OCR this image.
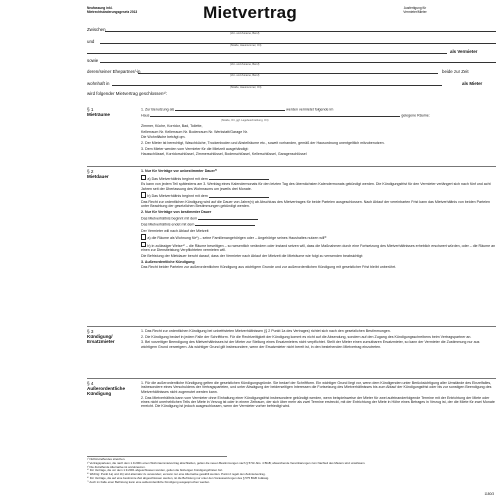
Neufassung inkl. Mietrechtsänderungsgesetz 2013	Mietvertrag	Ausfertigung für Vermieter/Mieter
Zwischen
(Vor- und Zuname, Beruf)
und
(Straße, Hausnummer, Ort)
als Vermieter
sowie
(Vor- und Zuname, Beruf)
deren/seiner Ehepartner/-in	beide zur Zeit
(Vor- und Zuname, Beruf)
wohnhaft in	als Mieter
(Straße, Hausnummer, Ort)
wird folgender Mietvertrag geschlossen¹⁾:
§ 1
Mieträume

1. Zur Benutzung als	werden vermietet folgende im

Haus	gelegene Räume:

(Straße, Ort, ggf. Lagebeschreibung, Ort)

Zimmer, Küche, Korridor, Bad, Toilette,

Kellerraum Nr. Kellerraum Nr. Bodenraum Nr. Werkstatt/Garage Nr.

Die Wohnfläche beträgt qm.

2. Der Mieter ist berechtigt, Waschküche, Trockenboden und Abstellräume etc., soweit vorhanden, gemäß der Hausordnung unentgeltlich mitzubenutzen.

3. Dem Mieter werden vom Vermieter für die Mietzeit ausgehändigt:

Hausschlüssel, Korridorschlüssel, Zimmerschlüssel, Bodenschlüssel, Kellerschlüssel, Garagenschlüssel

§ 2
Mietdauer

1. Nur für Verträge vor unbestimmter Dauer²⁾

a) Das Mietverhältnis beginnt mit dem

Es kann von jedem Teil spätestens am 3. Werktag eines Kalendermonats für den letzten Tag des übernächsten Kalendermonats gekündigt werden. Die Kündigungsfrist für den Vermieter verlängert sich nach fünf und acht Jahren seit der Überlassung des Wohnraums um jeweils drei Monate.

b) Das Mietverhältnis beginnt mit dem

Das Recht zur ordentlichen Kündigung wird auf die Dauer von Jahre(n) ab Abschluss des Mietvertrages für beide Parteien ausgeschlossen. Nach Ablauf der vereinbarten Frist kann das Mietverhältnis von beiden Parteien unter Beachtung der gesetzlichen Bestimmungen gekündigt werden.

2. Nur für Verträge von bestimmter Dauer

Das Mietverhältnis beginnt mit dem

Das Mietverhältnis endet mit dem

Der Vermieter will nach Ablauf der Mietzeit

a) die Räume als Wohnung für*) – seine Familienangehörigen oder – Angehörige seines Haushaltes nutzen will³⁾

b) in zulässiger Weise⁴⁾ – die Räume beseitigen – so wesentlich verändern oder instand setzen will, dass die Maßnahmen durch eine Fortsetzung des Mietverhältnisses erheblich erschwert würden, oder – die Räume an einen zur Dienstleistung Verpflichteten vermieten will.

Die Befristung der Mietdauer beruht darauf, dass der Vermieter nach Ablauf der Mietzeit die Mieträume wie folgt zu verwenden beabsichtigt:

3. Außerordentliche Kündigung

Das Recht beider Parteien zur außerordentlichen Kündigung aus wichtigem Grunde und zur außerordentlichen Kündigung mit gesetzlicher Frist bleibt unberührt.

§ 3
Kündigung/ Ersatzmieter

1. Das Recht zur ordentlichen Kündigung bei unbefristeten Mietverhältnissen (§ 2 Punkt 1a des Vertrages) richtet sich nach den gesetzlichen Bestimmungen.

2. Die Kündigung bedarf in jedem Falle der Schriftform. Für die Rechtzeitigkeit der Kündigung kommt es nicht auf die Absendung, sondern auf den Zugang des Kündigungsschreibens beim Vertragspartner an.

3. Bei vorzeitiger Beendigung des Mietverhältnisses ist der Mieter zur Stellung eines Ersatzmieters nicht verpflichtet. Stellt der Mieter einen zumutbaren Ersatzmieter, so kann der Vermieter die Zustimmung nur aus wichtigem Grund verweigern. Als wichtiger Grund gilt insbesondere, wenn der Ersatzmieter nicht bereit ist, in den bestehenden Mietvertrag einzutreten.

§ 4
Außerordentliche Kündigung

1. Für die außerordentliche Kündigung gelten die gesetzlichen Kündigungsgründe. Sie bedarf der Schriftform. Ein wichtiger Grund liegt vor, wenn dem Kündigenden unter Berücksichtigung aller Umstände des Einzelfalles, insbesondere eines Verschuldens der Vertragsparteien, und unter Abwägung der beiderseitigen Interessen die Fortsetzung des Mietverhältnisses bis zum Ablauf der Kündigungsfrist oder bis zur sonstigen Beendigung des Mietverhältnisses nicht zugemutet werden kann.

2. Das Mietverhältnis kann vom Vermieter ohne Einhaltung einer Kündigungsfrist insbesondere gekündigt werden, wenn beispielsweise der Mieter für zwei aufeinanderfolgende Termine mit der Entrichtung der Miete oder eines nicht unerheblichen Teils der Miete in Verzug ist oder in einem Zeitraum, der sich über mehr als zwei Termine erstreckt, mit der Entrichtung der Miete in Höhe eines Betrages in Verzug ist, der die Miete für zwei Monate erreicht. Die Kündigung ist jedoch ausgeschlossen, wenn der Vermieter vorher befriedigt wird.

¹⁾ Nichtzutreffendes streichen.
²⁾ Vertragsparteien, die nach dem 1.9.2001 einen Wohnraummietvertrag abschließen, gelten die neuen Bestimmungen nach § 573c Abs. 4 BGB; abweichende Vereinbarungen zum Nachteil des Mieters sind unwirksam.
³⁾ Die Zutreffende Alternative ist anzukreuzen.
⁴⁾ Für Verträge, die vor dem 1.9.2001 abgeschlossen wurden, gelten die bisherigen Kündigungsfristen fort.
⁵⁾ Wichtig: Punkt 1a) und 1b) sind alternativ zu verwenden; es kann nur eine Alternative gewählt werden. Punkt 2 regelt den Zeitmietvertrag.
⁶⁾ Für Verträge, die auf eine bestimmte Zeit abgeschlossen werden, ist die Befristung nur unter den Voraussetzungen des § 575 BGB zulässig.
⁷⁾ Auch im Falle einer Befristung kann eine außerordentliche Kündigung ausgesprochen werden.
1180/3
